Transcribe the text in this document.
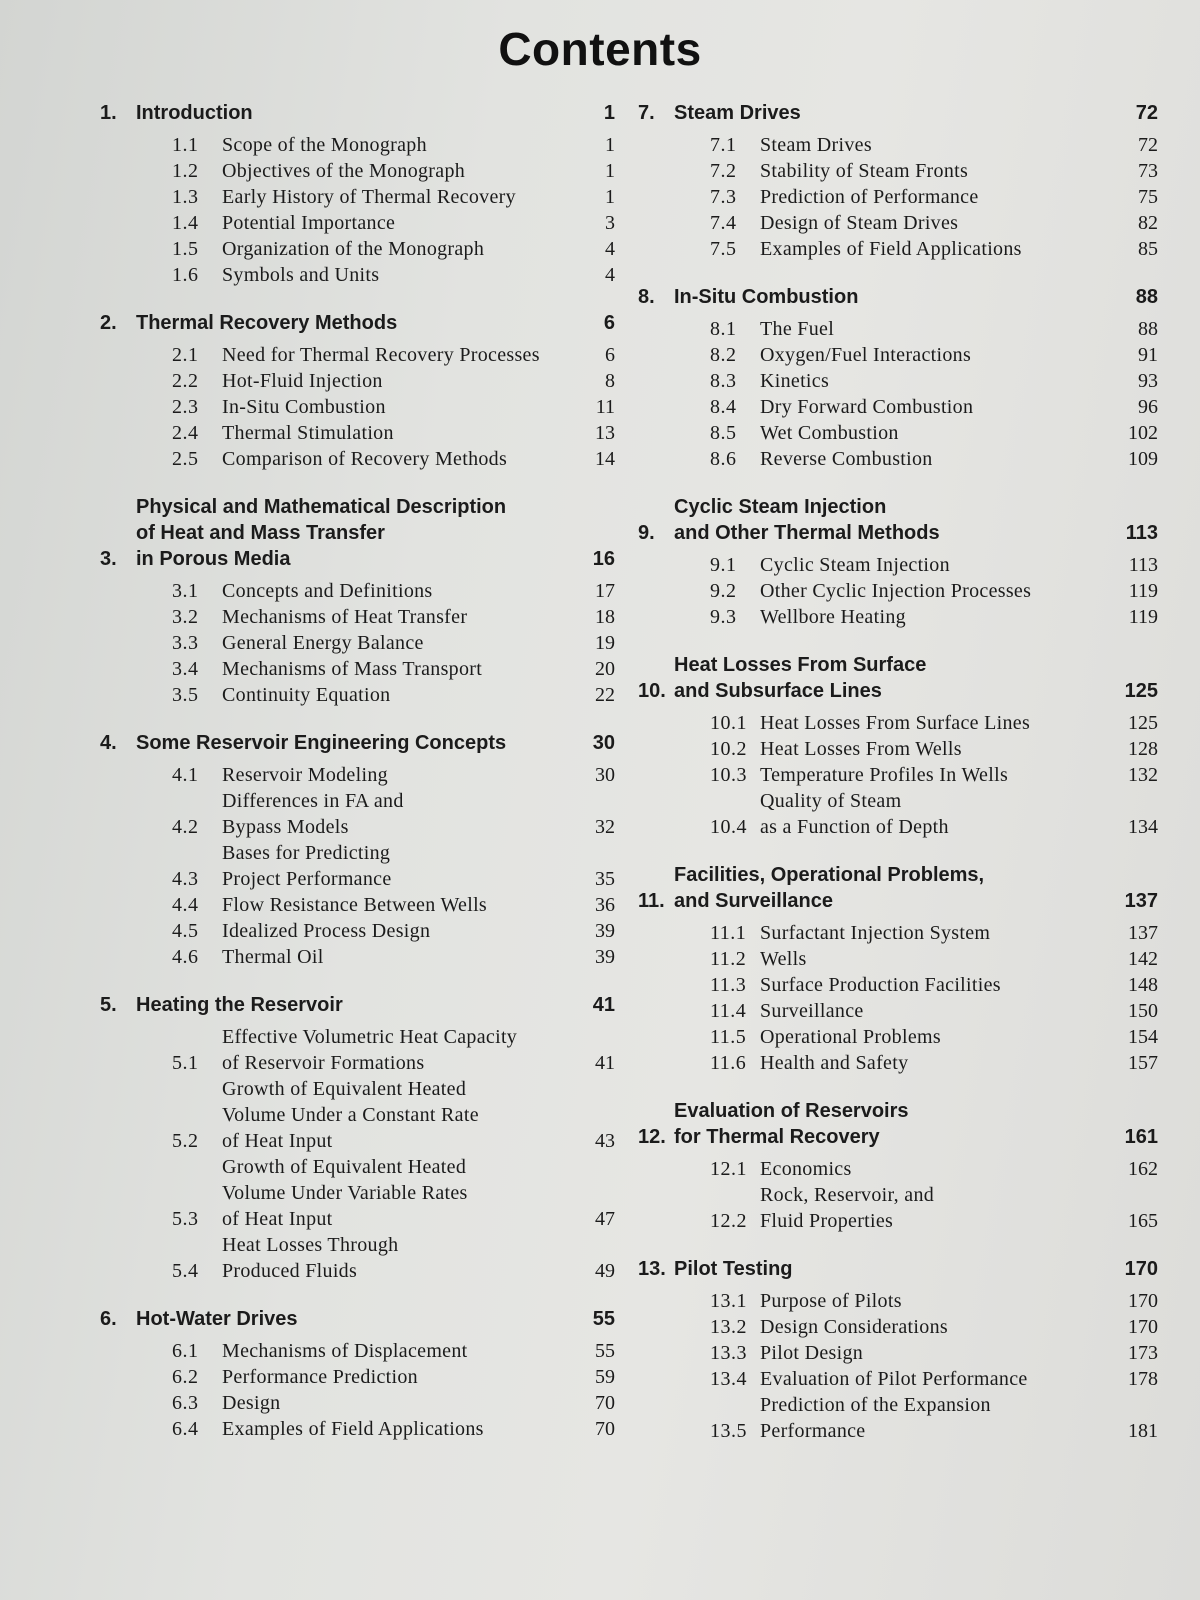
Contents
1. Introduction	1
1.1	Scope of the Monograph	1
1.2	Objectives of the Monograph	1
1.3	Early History of Thermal Recovery	1
1.4	Potential Importance	3
1.5	Organization of the Monograph	4
1.6	Symbols and Units	4
2. Thermal Recovery Methods	6
2.1	Need for Thermal Recovery Processes	6
2.2	Hot-Fluid Injection	8
2.3	In-Situ Combustion	11
2.4	Thermal Stimulation	13
2.5	Comparison of Recovery Methods	14
3.
Physical and Mathematical Description
of Heat and Mass Transfer
in Porous Media	16
3.1	Concepts and Definitions	17
3.2	Mechanisms of Heat Transfer	18
3.3	General Energy Balance	19
3.4	Mechanisms of Mass Transport	20
3.5	Continuity Equation	22
4. Some Reservoir Engineering Concepts	30
4.1	Reservoir Modeling	30
4.2
Differences in FA and
Bypass Models	32
4.3
Bases for Predicting
Project Performance	35
4.4	Flow Resistance Between Wells	36
4.5	Idealized Process Design	39
4.6	Thermal Oil	39
5. Heating the Reservoir	41
5.1
Effective Volumetric Heat Capacity
of Reservoir Formations	41
5.2
Growth of Equivalent Heated
Volume Under a Constant Rate
of Heat Input	43
5.3
Growth of Equivalent Heated
Volume Under Variable Rates
of Heat Input	47
5.4
Heat Losses Through
Produced Fluids	49
6. Hot-Water Drives	55
6.1	Mechanisms of Displacement	55
6.2	Performance Prediction	59
6.3	Design	70
6.4	Examples of Field Applications	70
7. Steam Drives	72
7.1	Steam Drives	72
7.2	Stability of Steam Fronts	73
7.3	Prediction of Performance	75
7.4	Design of Steam Drives	82
7.5	Examples of Field Applications	85
8. In-Situ Combustion	88
8.1	The Fuel	88
8.2	Oxygen/Fuel Interactions	91
8.3	Kinetics	93
8.4	Dry Forward Combustion	96
8.5	Wet Combustion	102
8.6	Reverse Combustion	109
9.
Cyclic Steam Injection
and Other Thermal Methods	113
9.1	Cyclic Steam Injection	113
9.2	Other Cyclic Injection Processes	119
9.3	Wellbore Heating	119
10.
Heat Losses From Surface
and Subsurface Lines	125
10.1 Heat Losses From Surface Lines	125
10.2 Heat Losses From Wells	128
10.3 Temperature Profiles In Wells	132
10.4
Quality of Steam
as a Function of Depth	134
11.
Facilities, Operational Problems,
and Surveillance	137
11.1 Surfactant Injection System	137
11.2 Wells	142
11.3 Surface Production Facilities	148
11.4 Surveillance	150
11.5 Operational Problems	154
11.6 Health and Safety	157
12.
Evaluation of Reservoirs
for Thermal Recovery	161
12.1 Economics	162
12.2
Rock, Reservoir, and
Fluid Properties	165
13. Pilot Testing	170
13.1 Purpose of Pilots	170
13.2 Design Considerations	170
13.3 Pilot Design	173
13.4 Evaluation of Pilot Performance	178
13.5
Prediction of the Expansion
Performance	181
